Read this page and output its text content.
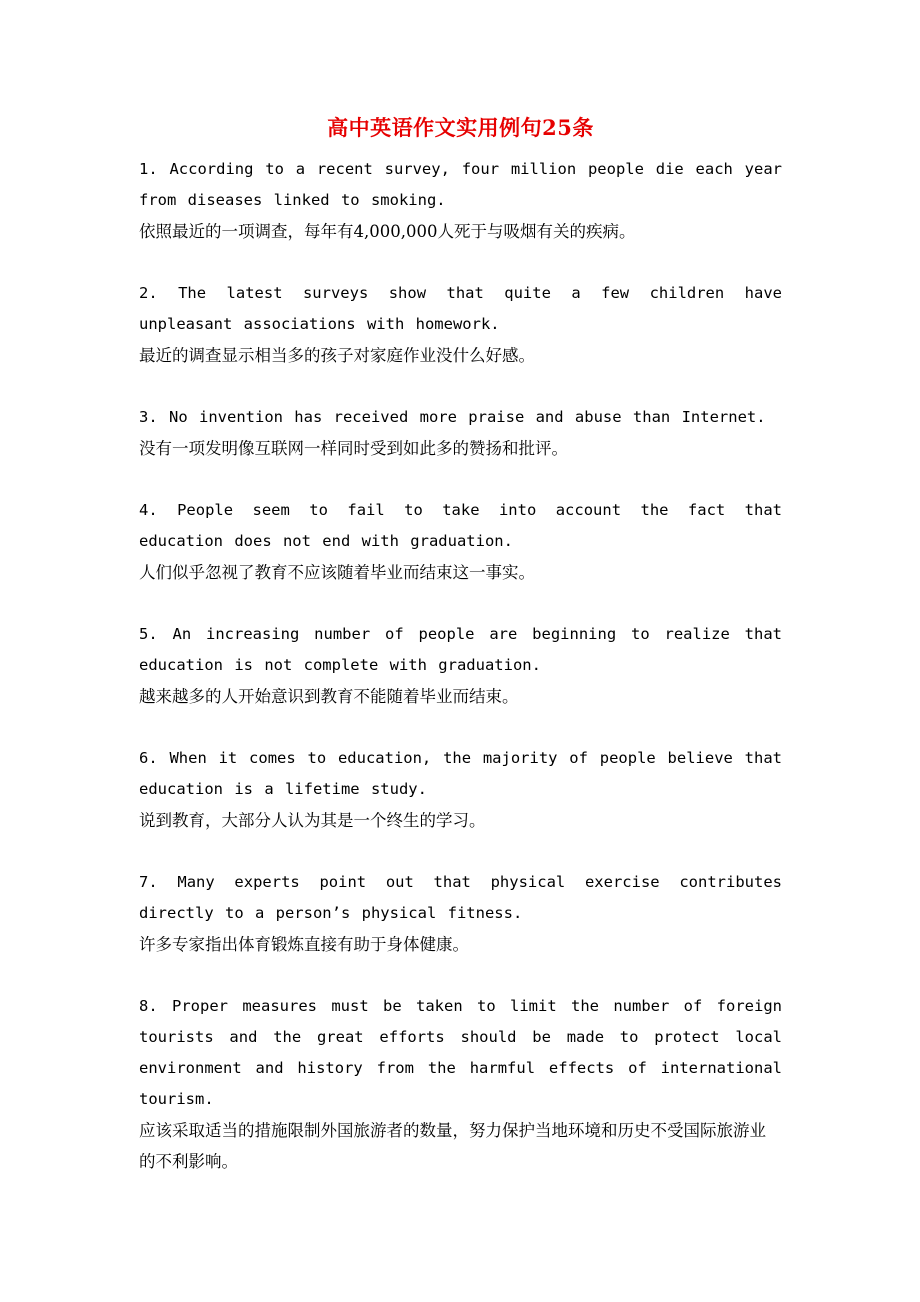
高中英语作文实用例句25条
1. According to a recent survey, four million people die each year from diseases linked to smoking.
依照最近的一项调查，每年有4,000,000人死于与吸烟有关的疾病。
2. The latest surveys show that quite a few children have unpleasant associations with homework.
最近的调查显示相当多的孩子对家庭作业没什么好感。
3. No invention has received more praise and abuse than Internet.
没有一项发明像互联网一样同时受到如此多的赞扬和批评。
4. People seem to fail to take into account the fact that education does not end with graduation.
人们似乎忽视了教育不应该随着毕业而结束这一事实。
5. An increasing number of people are beginning to realize that education is not complete with graduation.
越来越多的人开始意识到教育不能随着毕业而结束。
6. When it comes to education, the majority of people believe that education is a lifetime study.
说到教育，大部分人认为其是一个终生的学习。
7. Many experts point out that physical exercise contributes directly to a person’s physical fitness.
许多专家指出体育锻炼直接有助于身体健康。
8. Proper measures must be taken to limit the number of foreign tourists and the great efforts should be made to protect local environment and history from the harmful effects of international tourism.
应该采取适当的措施限制外国旅游者的数量，努力保护当地环境和历史不受国际旅游业的不利影响。
